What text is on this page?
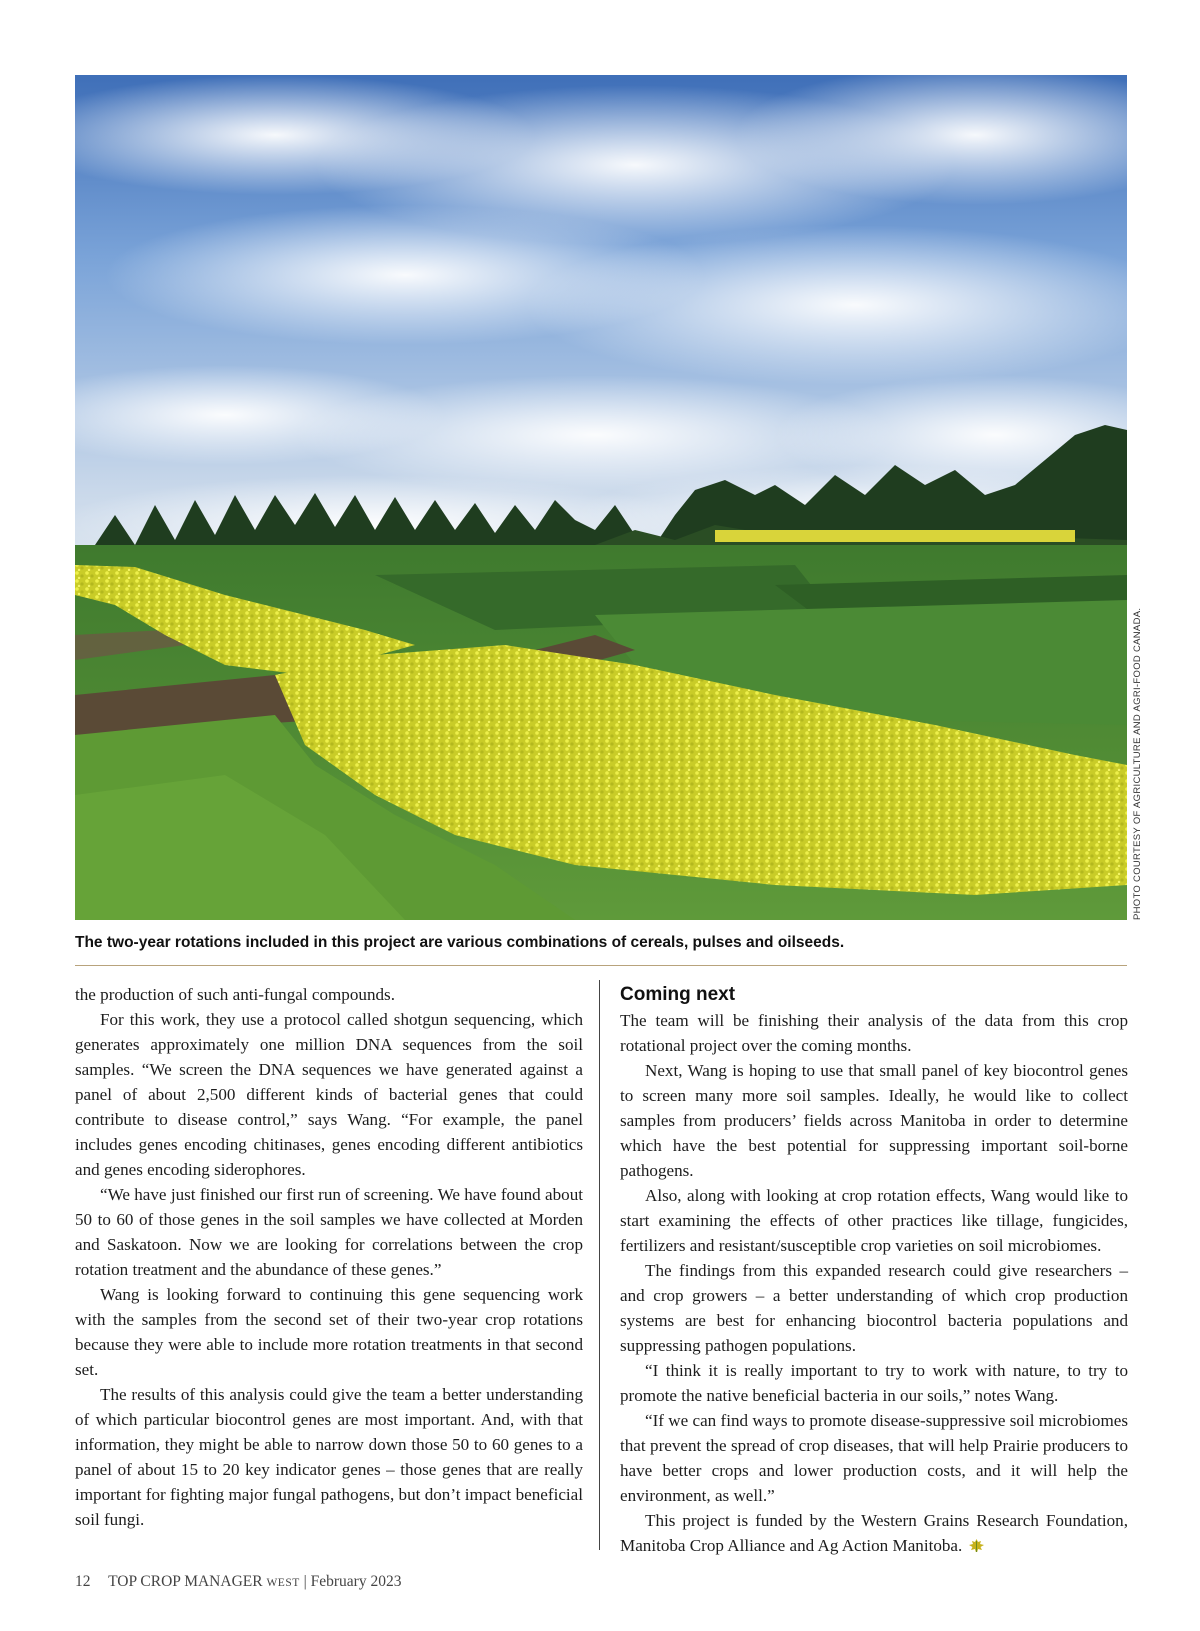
PHOTO COURTESY OF AGRICULTURE AND AGRI-FOOD CANADA.
The two-year rotations included in this project are various combinations of cereals, pulses and oilseeds.

the production of such anti-fungal compounds.

For this work, they use a protocol called shotgun sequencing, which generates approximately one million DNA sequences from the soil samples. “We screen the DNA sequences we have generated against a panel of about 2,500 different kinds of bacterial genes that could contribute to disease control,” says Wang. “For example, the panel includes genes encoding chitinases, genes encoding different antibiotics and genes encoding siderophores.

“We have just finished our first run of screening. We have found about 50 to 60 of those genes in the soil samples we have collected at Morden and Saskatoon. Now we are looking for correlations between the crop rotation treatment and the abundance of these genes.”

Wang is looking forward to continuing this gene sequencing work with the samples from the second set of their two-year crop rotations because they were able to include more rotation treatments in that second set.

The results of this analysis could give the team a better understanding of which particular biocontrol genes are most important. And, with that information, they might be able to narrow down those 50 to 60 genes to a panel of about 15 to 20 key indicator genes – those genes that are really important for fighting major fungal pathogens, but don’t impact beneficial soil fungi.

Coming next

The team will be finishing their analysis of the data from this crop rotational project over the coming months.

Next, Wang is hoping to use that small panel of key biocontrol genes to screen many more soil samples. Ideally, he would like to collect samples from producers’ fields across Manitoba in order to determine which have the best potential for suppressing important soil-borne pathogens.

Also, along with looking at crop rotation effects, Wang would like to start examining the effects of other practices like tillage, fungicides, fertilizers and resistant/susceptible crop varieties on soil microbiomes.

The findings from this expanded research could give researchers – and crop growers – a better understanding of which crop production systems are best for enhancing biocontrol bacteria populations and suppressing pathogen populations.

“I think it is really important to try to work with nature, to try to promote the native beneficial bacteria in our soils,” notes Wang.

“If we can find ways to promote disease-suppressive soil microbiomes that prevent the spread of crop diseases, that will help Prairie producers to have better crops and lower production costs, and it will help the environment, as well.”

This project is funded by the Western Grains Research Foundation, Manitoba Crop Alliance and Ag Action Manitoba.

12 TOP CROP MANAGER WEST | February 2023
